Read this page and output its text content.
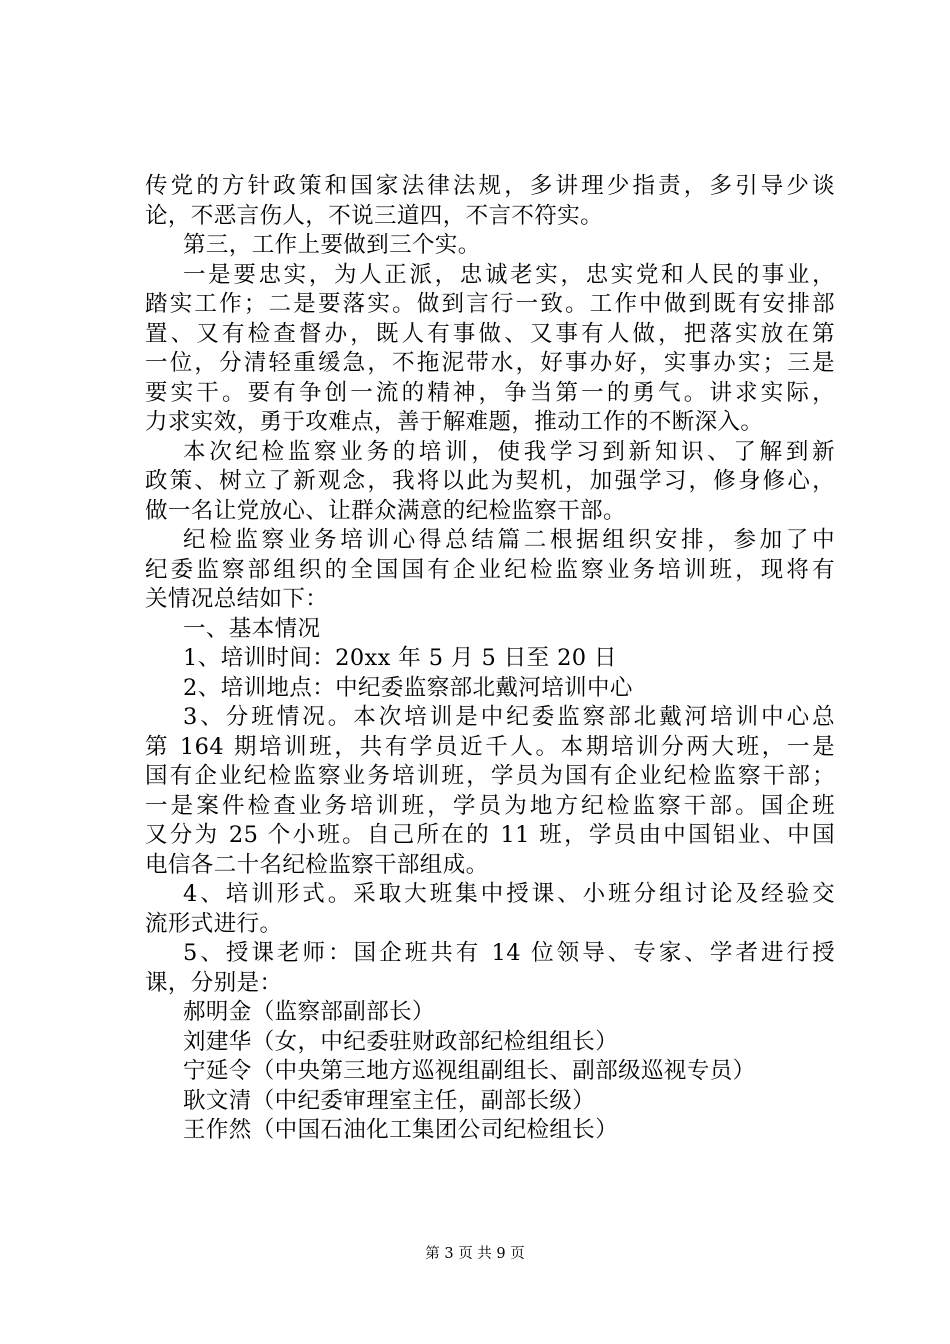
传党的方针政策和国家法律法规，多讲理少指责，多引导少谈
论，不恶言伤人，不说三道四，不言不符实。
第三，工作上要做到三个实。
一是要忠实，为人正派，忠诚老实，忠实党和人民的事业，
踏实工作；二是要落实。做到言行一致。工作中做到既有安排部
置、又有检查督办，既人有事做、又事有人做，把落实放在第
一位，分清轻重缓急，不拖泥带水，好事办好，实事办实；三是
要实干。要有争创一流的精神，争当第一的勇气。讲求实际，
力求实效，勇于攻难点，善于解难题，推动工作的不断深入。
本次纪检监察业务的培训，使我学习到新知识、了解到新
政策、树立了新观念，我将以此为契机，加强学习，修身修心，
做一名让党放心、让群众满意的纪检监察干部。
纪检监察业务培训心得总结篇二根据组织安排，参加了中
纪委监察部组织的全国国有企业纪检监察业务培训班，现将有
关情况总结如下：
一、基本情况
1、培训时间：20xx 年 5 月 5 日至 20 日
2、培训地点：中纪委监察部北戴河培训中心
3、分班情况。本次培训是中纪委监察部北戴河培训中心总
第 164 期培训班，共有学员近千人。本期培训分两大班，一是
国有企业纪检监察业务培训班，学员为国有企业纪检监察干部；
一是案件检查业务培训班，学员为地方纪检监察干部。国企班
又分为 25 个小班。自己所在的 11 班，学员由中国铝业、中国
电信各二十名纪检监察干部组成。
4、培训形式。采取大班集中授课、小班分组讨论及经验交
流形式进行。
5、授课老师：国企班共有 14 位领导、专家、学者进行授
课，分别是：
郝明金（监察部副部长）
刘建华（女，中纪委驻财政部纪检组组长）
宁延令（中央第三地方巡视组副组长、副部级巡视专员）
耿文清（中纪委审理室主任，副部长级）
王作然（中国石油化工集团公司纪检组长）
第 3 页 共 9 页
